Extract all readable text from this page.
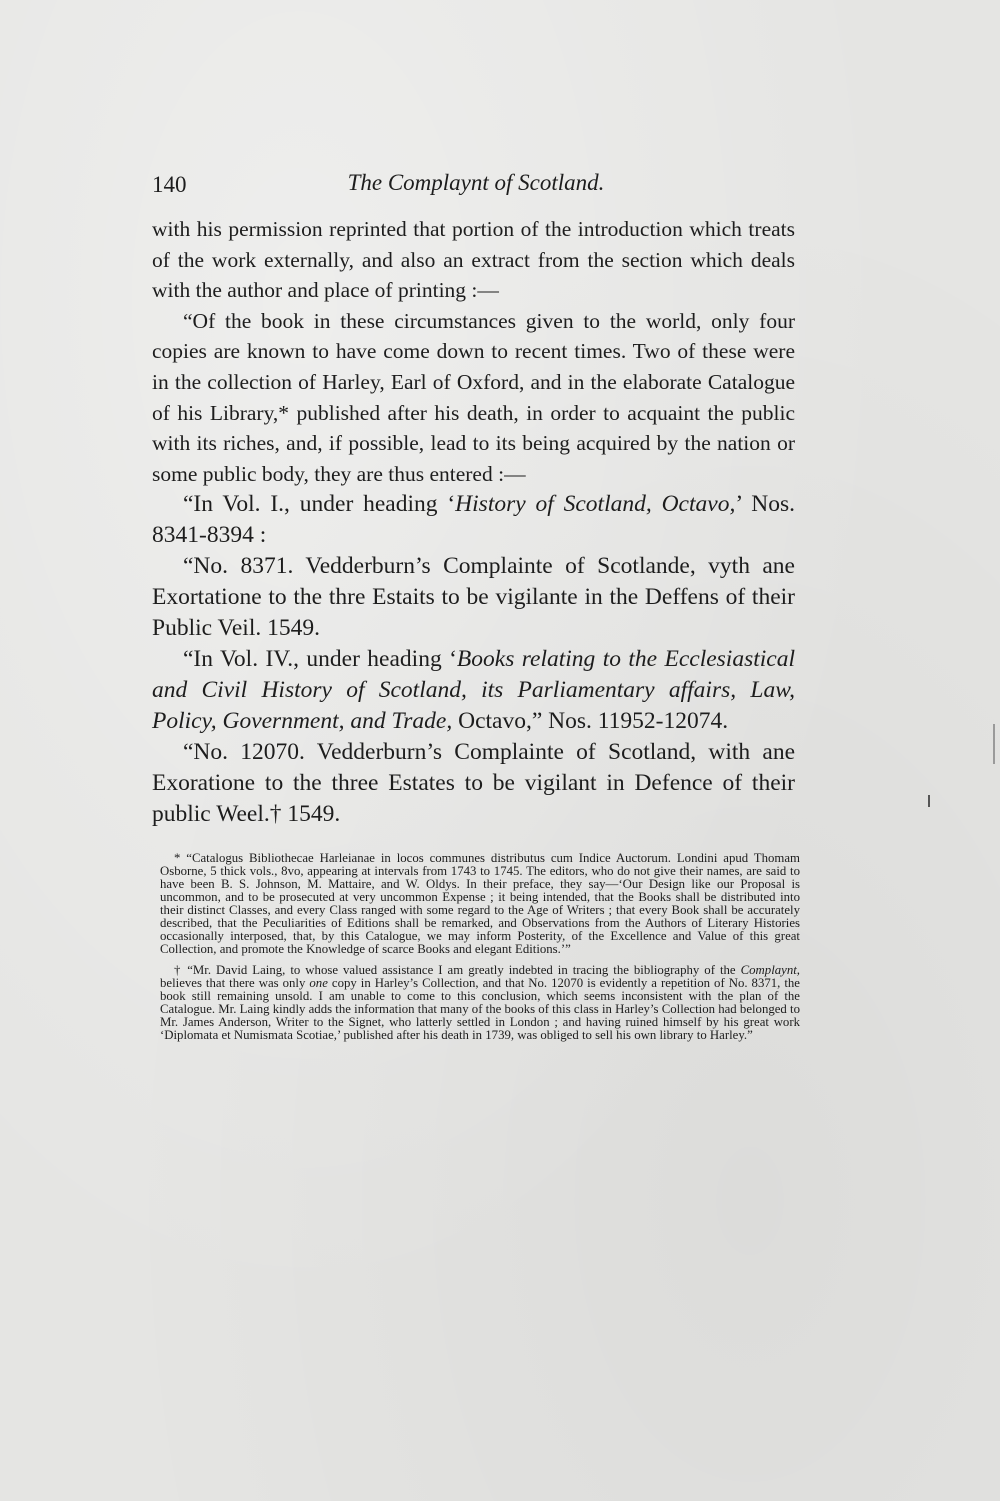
140	The Complaynt of Scotland.

with his permission reprinted that portion of the introduction which treats of the work externally, and also an extract from the section which deals with the author and place of printing :—

“Of the book in these circumstances given to the world, only four copies are known to have come down to recent times. Two of these were in the collection of Harley, Earl of Oxford, and in the elaborate Catalogue of his Library,* published after his death, in order to acquaint the public with its riches, and, if possible, lead to its being acquired by the nation or some public body, they are thus entered :—

“In Vol. I., under heading ‘History of Scotland, Octavo,’ Nos. 8341-8394 :

“No. 8371. Vedderburn’s Complainte of Scotlande, vyth ane Exortatione to the thre Estaits to be vigilante in the Deffens of their Public Veil. 1549.

“In Vol. IV., under heading ‘Books relating to the Ecclesiastical and Civil History of Scotland, its Parliamentary affairs, Law, Policy, Government, and Trade, Octavo,” Nos. 11952-12074.

“No. 12070. Vedderburn’s Complainte of Scotland, with ane Exoratione to the three Estates to be vigilant in Defence of their public Weel.† 1549.

* “Catalogus Bibliothecae Harleianae in locos communes distributus cum Indice Auctorum. Londini apud Thomam Osborne, 5 thick vols., 8vo, appearing at intervals from 1743 to 1745. The editors, who do not give their names, are said to have been B. S. Johnson, M. Mattaire, and W. Oldys. In their preface, they say—‘Our Design like our Proposal is uncommon, and to be prosecuted at very uncommon Expense ; it being intended, that the Books shall be distributed into their distinct Classes, and every Class ranged with some regard to the Age of Writers ; that every Book shall be accurately described, that the Peculiarities of Editions shall be remarked, and Observations from the Authors of Literary Histories occasionally interposed, that, by this Catalogue, we may inform Posterity, of the Excellence and Value of this great Collection, and promote the Knowledge of scarce Books and elegant Editions.’”

† “Mr. David Laing, to whose valued assistance I am greatly indebted in tracing the bibliography of the Complaynt, believes that there was only one copy in Harley’s Collection, and that No. 12070 is evidently a repetition of No. 8371, the book still remaining unsold. I am unable to come to this conclusion, which seems inconsistent with the plan of the Catalogue. Mr. Laing kindly adds the information that many of the books of this class in Harley’s Collection had belonged to Mr. James Anderson, Writer to the Signet, who latterly settled in London ; and having ruined himself by his great work ‘Diplomata et Numismata Scotiae,’ published after his death in 1739, was obliged to sell his own library to Harley.”
